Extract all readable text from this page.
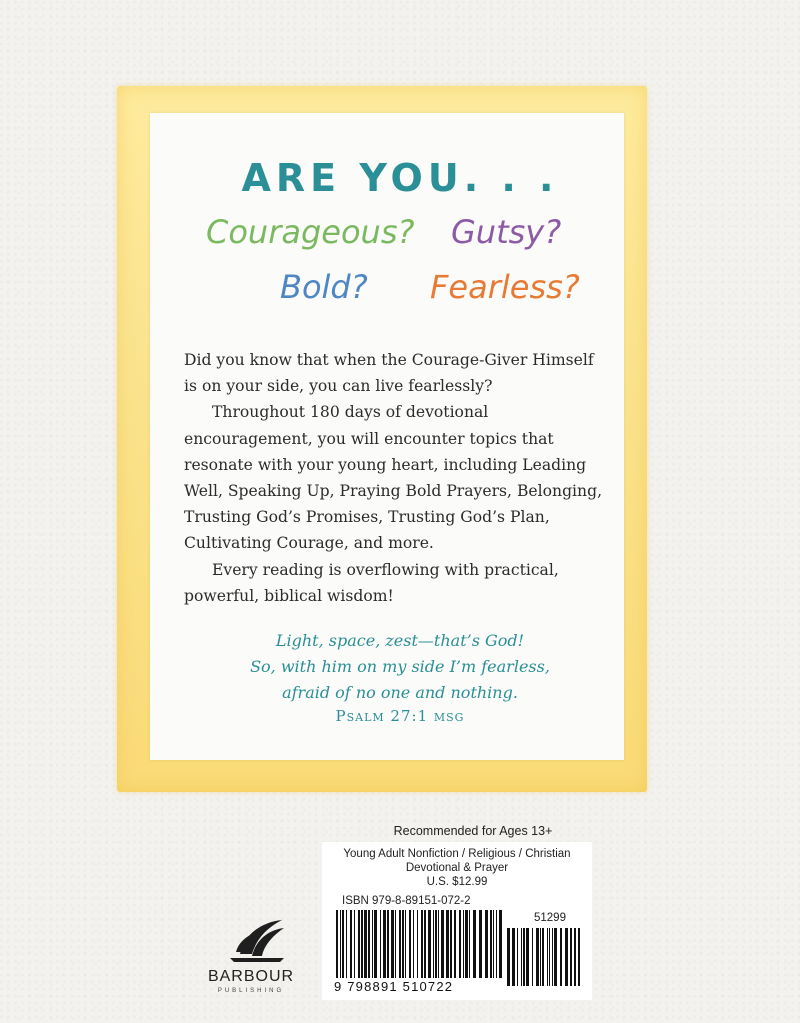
ARE YOU. . .
Courageous? Gutsy?
Bold? Fearless?

Did you know that when the Courage-Giver Himself is on your side, you can live fearlessly?

Throughout 180 days of devotional encouragement, you will encounter topics that resonate with your young heart, including Leading Well, Speaking Up, Praying Bold Prayers, Belonging, Trusting God’s Promises, Trusting God’s Plan, Cultivating Courage, and more.

Every reading is overflowing with practical, powerful, biblical wisdom!

Light, space, zest—that’s God!
So, with him on my side I’m fearless,
afraid of no one and nothing.
Psalm 27:1 msg
Recommended for Ages 13+
Young Adult Nonfiction / Religious / Christian
Devotional & Prayer
U.S. $12.99
ISBN 979-8-89151-072-2
51299
9 798891 510722
BARBOUR
PUBLISHING
